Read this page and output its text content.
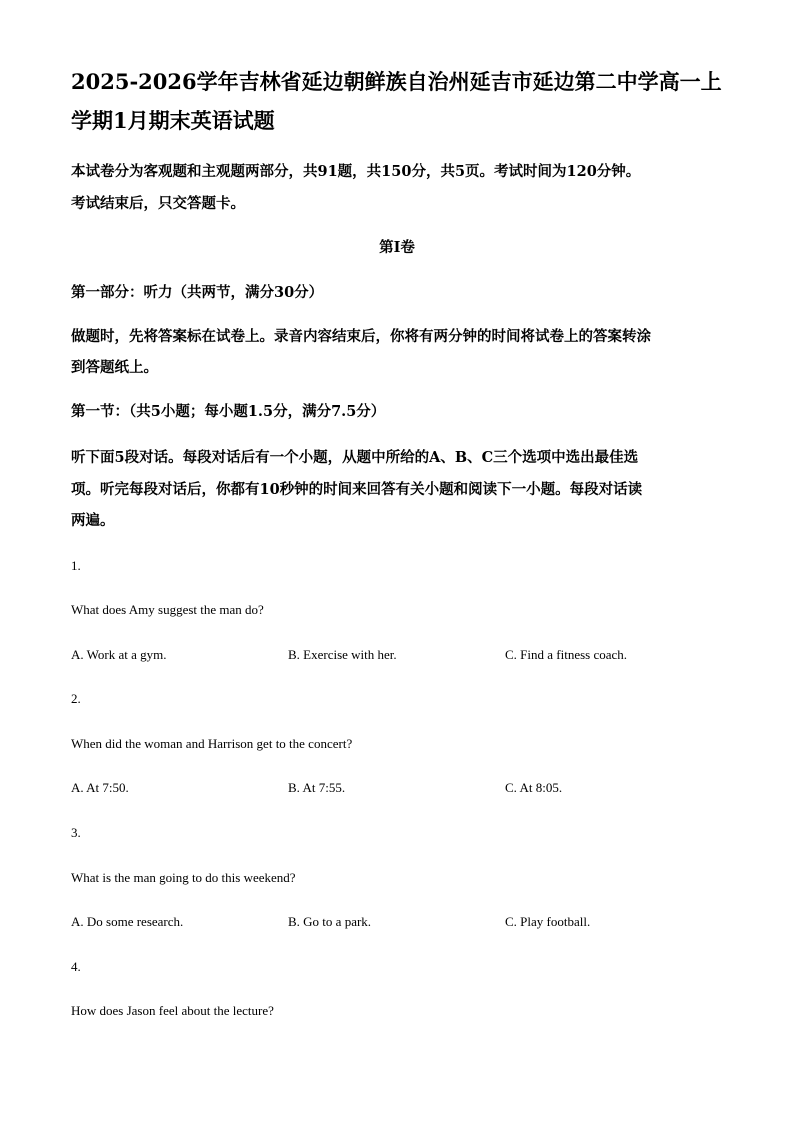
2025-2026学年吉林省延边朝鲜族自治州延吉市延边第二中学高一上
学期1月期末英语试题
本试卷分为客观题和主观题两部分，共91题，共150分，共5页。考试时间为120分钟。
考试结束后，只交答题卡。
第I卷
第一部分：听力（共两节，满分30分）
做题时，先将答案标在试卷上。录音内容结束后，你将有两分钟的时间将试卷上的答案转涂
到答题纸上。
第一节：（共5小题；每小题1.5分，满分7.5分）
听下面5段对话。每段对话后有一个小题，从题中所给的A、B、C三个选项中选出最佳选
项。听完每段对话后，你都有10秒钟的时间来回答有关小题和阅读下一小题。每段对话读
两遍。
1.
What does Amy suggest the man do?
A. Work at a gym.	B. Exercise with her.	C. Find a fitness coach.
2.
When did the woman and Harrison get to the concert?
A. At 7:50.	B. At 7:55.	C. At 8:05.
3.
What is the man going to do this weekend?
A. Do some research.	B. Go to a park.	C. Play football.
4.
How does Jason feel about the lecture?
